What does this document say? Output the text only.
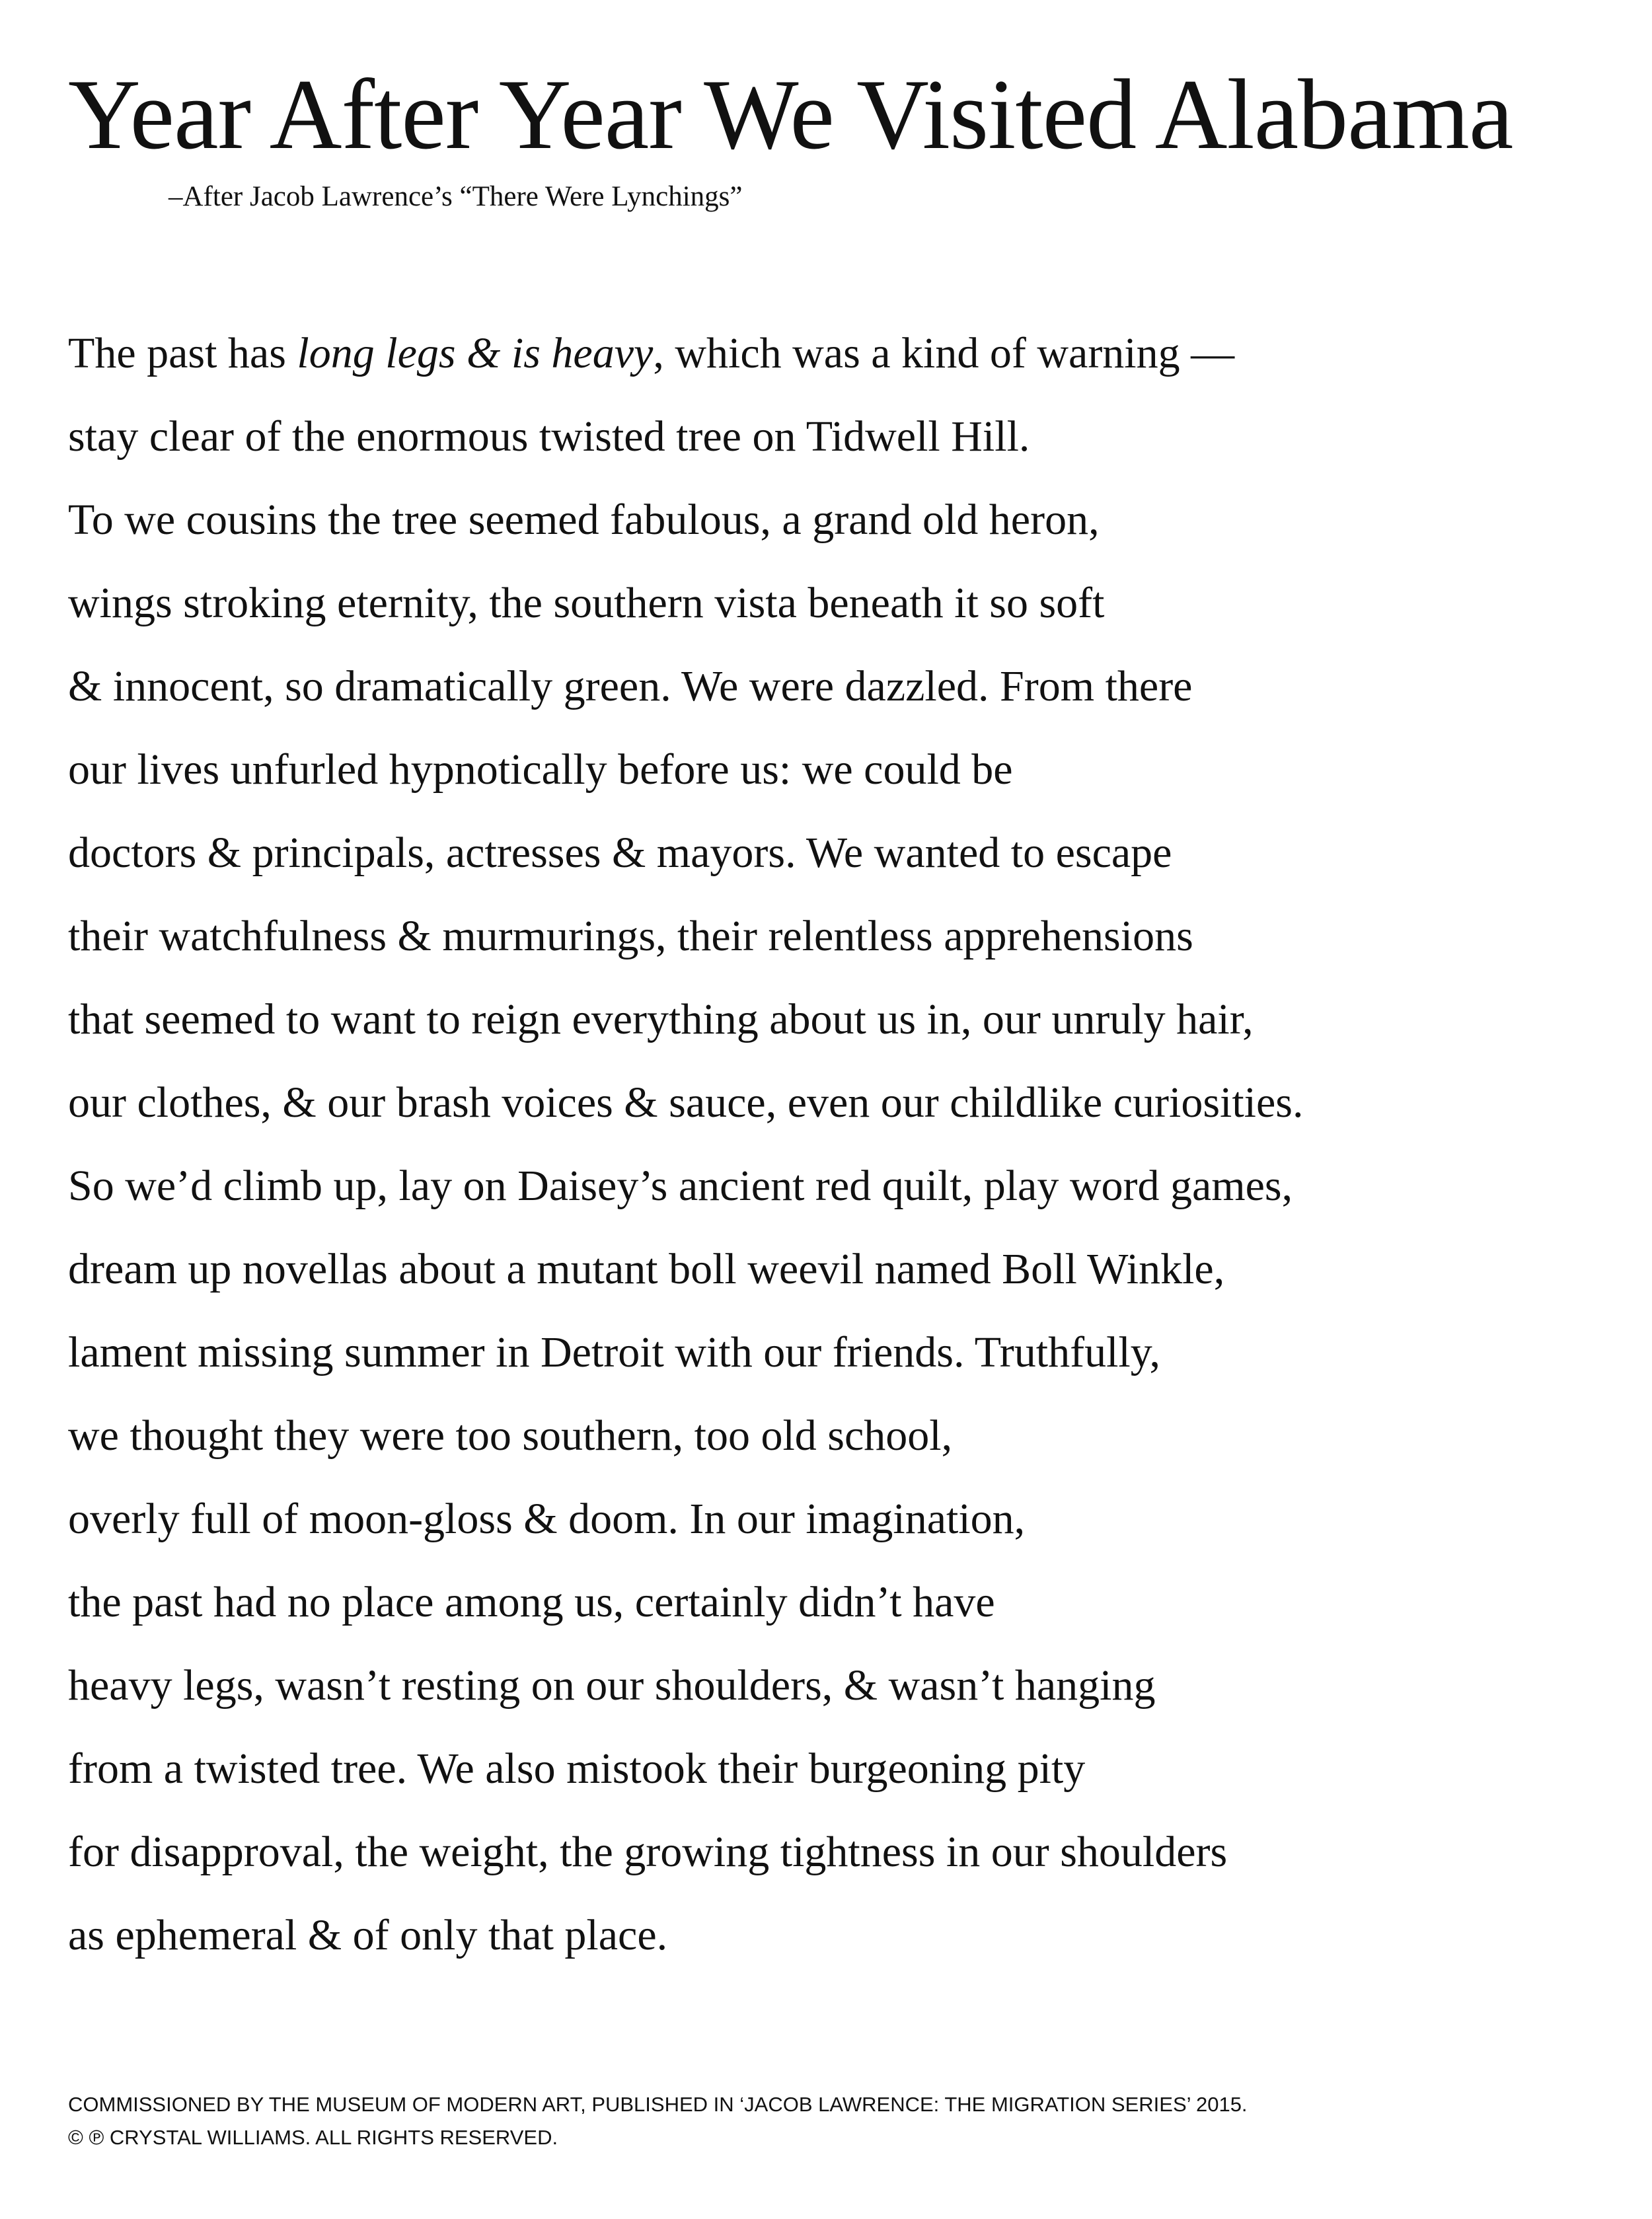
Year After Year We Visited Alabama

–After Jacob Lawrence’s “There Were Lynchings”

The past has long legs & is heavy, which was a kind of warning —

stay clear of the enormous twisted tree on Tidwell Hill.

To we cousins the tree seemed fabulous, a grand old heron,

wings stroking eternity, the southern vista beneath it so soft

& innocent, so dramatically green. We were dazzled. From there

our lives unfurled hypnotically before us: we could be

doctors & principals, actresses & mayors. We wanted to escape

their watchfulness & murmurings, their relentless apprehensions

that seemed to want to reign everything about us in, our unruly hair,

our clothes, & our brash voices & sauce, even our childlike curiosities.

So we’d climb up, lay on Daisey’s ancient red quilt, play word games,

dream up novellas about a mutant boll weevil named Boll Winkle,

lament missing summer in Detroit with our friends. Truthfully,

we thought they were too southern, too old school,

overly full of moon-gloss & doom. In our imagination,

the past had no place among us, certainly didn’t have

heavy legs, wasn’t resting on our shoulders, & wasn’t hanging

from a twisted tree. We also mistook their burgeoning pity

for disapproval, the weight, the growing tightness in our shoulders

as ephemeral & of only that place.

COMMISSIONED BY THE MUSEUM OF MODERN ART, PUBLISHED IN ‘JACOB LAWRENCE: THE MIGRATION SERIES’ 2015.

© ℗ CRYSTAL WILLIAMS. ALL RIGHTS RESERVED.
